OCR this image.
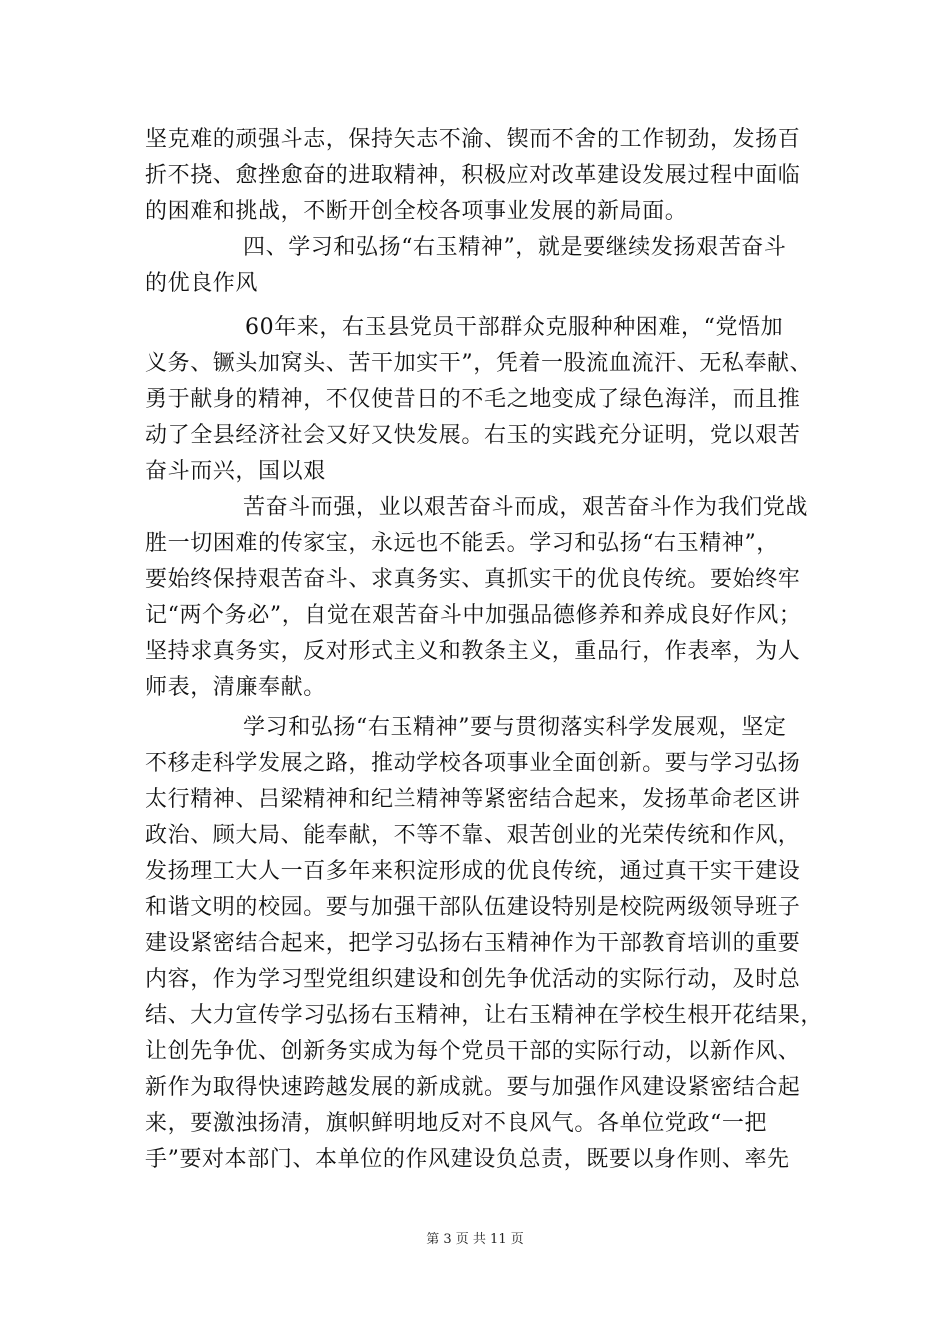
坚克难的顽强斗志，保持矢志不渝、锲而不舍的工作韧劲，发扬百
折不挠、愈挫愈奋的进取精神，积极应对改革建设发展过程中面临
的困难和挑战，不断开创全校各项事业发展的新局面。
四、学习和弘扬“右玉精神”，就是要继续发扬艰苦奋斗
的优良作风
60年来，右玉县党员干部群众克服种种困难，“党悟加
义务、镢头加窝头、苦干加实干”，凭着一股流血流汗、无私奉献、
勇于献身的精神，不仅使昔日的不毛之地变成了绿色海洋，而且推
动了全县经济社会又好又快发展。右玉的实践充分证明，党以艰苦
奋斗而兴，国以艰
苦奋斗而强，业以艰苦奋斗而成，艰苦奋斗作为我们党战
胜一切困难的传家宝，永远也不能丢。学习和弘扬“右玉精神”，
要始终保持艰苦奋斗、求真务实、真抓实干的优良传统。要始终牢
记“两个务必”，自觉在艰苦奋斗中加强品德修养和养成良好作风；
坚持求真务实，反对形式主义和教条主义，重品行，作表率，为人
师表，清廉奉献。
学习和弘扬“右玉精神”要与贯彻落实科学发展观，坚定
不移走科学发展之路，推动学校各项事业全面创新。要与学习弘扬
太行精神、吕梁精神和纪兰精神等紧密结合起来，发扬革命老区讲
政治、顾大局、能奉献，不等不靠、艰苦创业的光荣传统和作风，
发扬理工大人一百多年来积淀形成的优良传统，通过真干实干建设
和谐文明的校园。要与加强干部队伍建设特别是校院两级领导班子
建设紧密结合起来，把学习弘扬右玉精神作为干部教育培训的重要
内容，作为学习型党组织建设和创先争优活动的实际行动，及时总
结、大力宣传学习弘扬右玉精神，让右玉精神在学校生根开花结果，
让创先争优、创新务实成为每个党员干部的实际行动，以新作风、
新作为取得快速跨越发展的新成就。要与加强作风建设紧密结合起
来，要激浊扬清，旗帜鲜明地反对不良风气。各单位党政“一把
手”要对本部门、本单位的作风建设负总责，既要以身作则、率先
第 3 页 共 11 页
